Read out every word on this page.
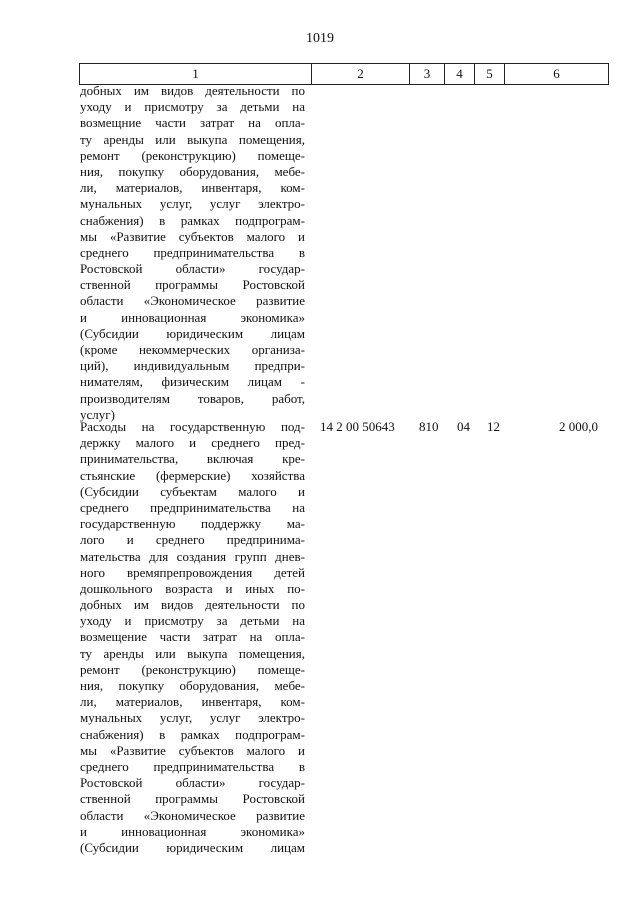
1019
1	2	3	4	5	6
добных им видов деятельности по
уходу и присмотру за детьми на
возмещние части затрат на опла-
ту аренды или выкупа помещения,
ремонт (реконструкцию) помеще-
ния, покупку оборудования, мебе-
ли, материалов, инвентаря, ком-
мунальных услуг, услуг электро-
снабжения) в рамках подпрограм-
мы «Развитие субъектов малого и
среднего предпринимательства в
Ростовской области» государ-
ственной программы Ростовской
области «Экономическое развитие
и инновационная экономика»
(Субсидии юридическим лицам
(кроме некоммерческих организа-
ций), индивидуальным предпри-
нимателям, физическим лицам -
производителям товаров, работ,
услуг)
Расходы на государственную под-
держку малого и среднего пред-
принимательства, включая кре-
стьянские (фермерские) хозяйства
(Субсидии субъектам малого и
среднего предпринимательства на
государственную поддержку ма-
лого и среднего предпринима-
мательства для создания групп днев-
ного времяпрепровождения детей
дошкольного возраста и иных по-
добных им видов деятельности по
уходу и присмотру за детьми на
возмещение части затрат на опла-
ту аренды или выкупа помещения,
ремонт (реконструкцию) помеще-
ния, покупку оборудования, мебе-
ли, материалов, инвентаря, ком-
мунальных услуг, услуг электро-
снабжения) в рамках подпрограм-
мы «Развитие субъектов малого и
среднего предпринимательства в
Ростовской области» государ-
ственной программы Ростовской
области «Экономическое развитие
и инновационная экономика»
(Субсидии юридическим лицам
14 2 00 50643 810 04 12	2 000,0
